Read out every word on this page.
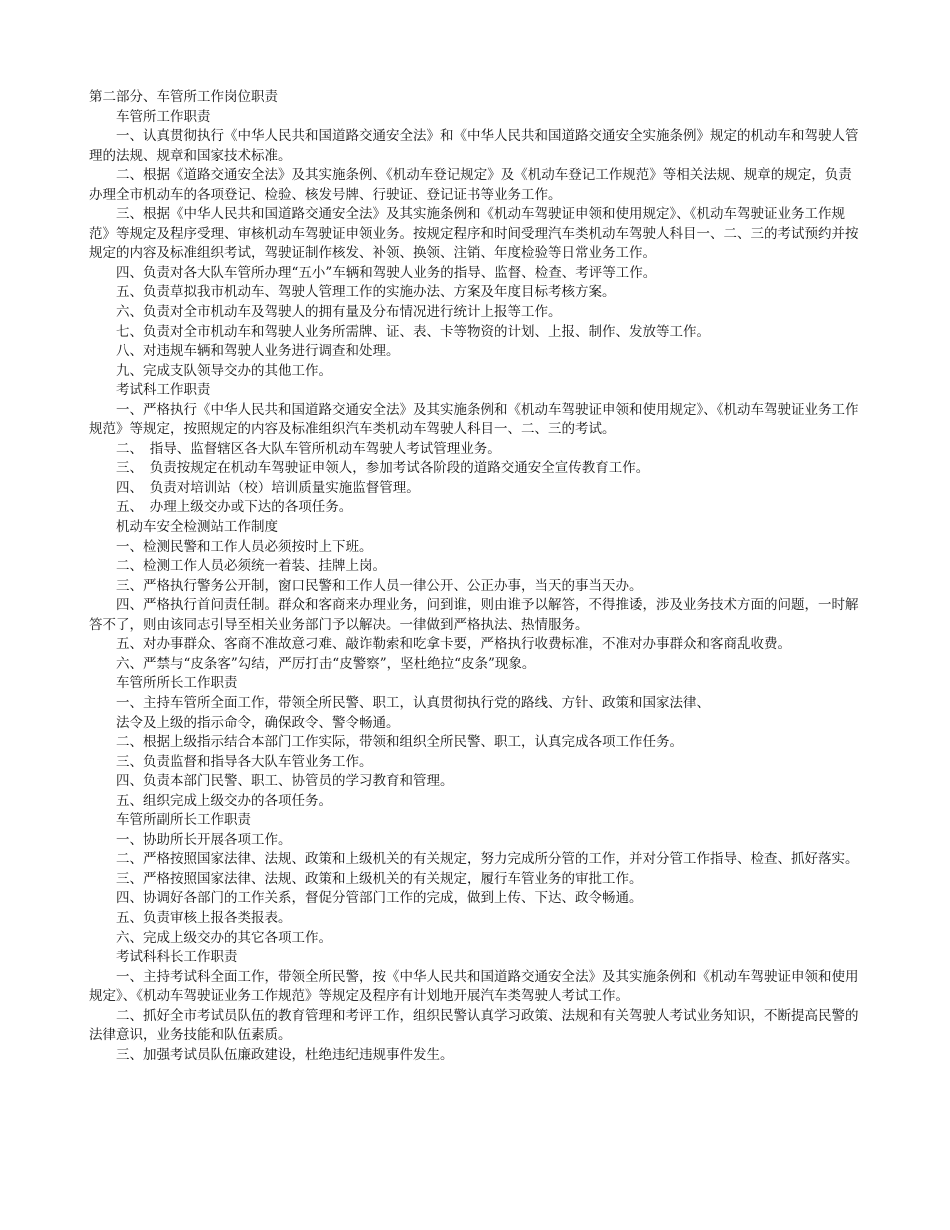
第二部分、车管所工作岗位职责

车管所工作职责

一、认真贯彻执行《中华人民共和国道路交通安全法》和《中华人民共和国道路交通安全实施条例》规定的机动车和驾驶人管理的法规、规章和国家技术标准。

二、根据《道路交通安全法》及其实施条例、《机动车登记规定》及《机动车登记工作规范》等相关法规、规章的规定，负责办理全市机动车的各项登记、检验、核发号牌、行驶证、登记证书等业务工作。

三、根据《中华人民共和国道路交通安全法》及其实施条例和《机动车驾驶证申领和使用规定》、《机动车驾驶证业务工作规范》等规定及程序受理、审核机动车驾驶证申领业务。按规定程序和时间受理汽车类机动车驾驶人科目一、二、三的考试预约并按规定的内容及标准组织考试，驾驶证制作核发、补领、换领、注销、年度检验等日常业务工作。

四、负责对各大队车管所办理“五小”车辆和驾驶人业务的指导、监督、检查、考评等工作。

五、负责草拟我市机动车、驾驶人管理工作的实施办法、方案及年度目标考核方案。

六、负责对全市机动车及驾驶人的拥有量及分布情况进行统计上报等工作。

七、负责对全市机动车和驾驶人业务所需牌、证、表、卡等物资的计划、上报、制作、发放等工作。

八、对违规车辆和驾驶人业务进行调查和处理。

九、完成支队领导交办的其他工作。

考试科工作职责

一、严格执行《中华人民共和国道路交通安全法》及其实施条例和《机动车驾驶证申领和使用规定》、《机动车驾驶证业务工作规范》等规定，按照规定的内容及标准组织汽车类机动车驾驶人科目一、二、三的考试。

二、　指导、监督辖区各大队车管所机动车驾驶人考试管理业务。

三、　负责按规定在机动车驾驶证申领人，参加考试各阶段的道路交通安全宣传教育工作。

四、　负责对培训站（校）培训质量实施监督管理。

五、　办理上级交办或下达的各项任务。

机动车安全检测站工作制度

一、检测民警和工作人员必须按时上下班。

二、检测工作人员必须统一着装、挂牌上岗。

三、严格执行警务公开制，窗口民警和工作人员一律公开、公正办事，当天的事当天办。

四、严格执行首问责任制。群众和客商来办理业务，问到谁，则由谁予以解答，不得推诿，涉及业务技术方面的问题，一时解答不了，则由该同志引导至相关业务部门予以解决。一律做到严格执法、热情服务。

五、对办事群众、客商不准故意刁难、敲诈勒索和吃拿卡要，严格执行收费标准，不准对办事群众和客商乱收费。

六、严禁与“皮条客”勾结，严厉打击“皮警察”，坚杜绝拉“皮条”现象。

车管所所长工作职责

一、主持车管所全面工作，带领全所民警、职工，认真贯彻执行党的路线、方针、政策和国家法律、

法令及上级的指示命令，确保政令、警令畅通。

二、根据上级指示结合本部门工作实际，带领和组织全所民警、职工，认真完成各项工作任务。

三、负责监督和指导各大队车管业务工作。

四、负责本部门民警、职工、协管员的学习教育和管理。

五、组织完成上级交办的各项任务。

车管所副所长工作职责

一、协助所长开展各项工作。

二、严格按照国家法律、法规、政策和上级机关的有关规定，努力完成所分管的工作，并对分管工作指导、检查、抓好落实。

三、严格按照国家法律、法规、政策和上级机关的有关规定，履行车管业务的审批工作。

四、协调好各部门的工作关系，督促分管部门工作的完成，做到上传、下达、政令畅通。

五、负责审核上报各类报表。

六、完成上级交办的其它各项工作。

考试科科长工作职责

一、主持考试科全面工作，带领全所民警，按《中华人民共和国道路交通安全法》及其实施条例和《机动车驾驶证申领和使用规定》、《机动车驾驶证业务工作规范》等规定及程序有计划地开展汽车类驾驶人考试工作。

二、抓好全市考试员队伍的教育管理和考评工作，组织民警认真学习政策、法规和有关驾驶人考试业务知识，不断提高民警的法律意识，业务技能和队伍素质。

三、加强考试员队伍廉政建设，杜绝违纪违规事件发生。
